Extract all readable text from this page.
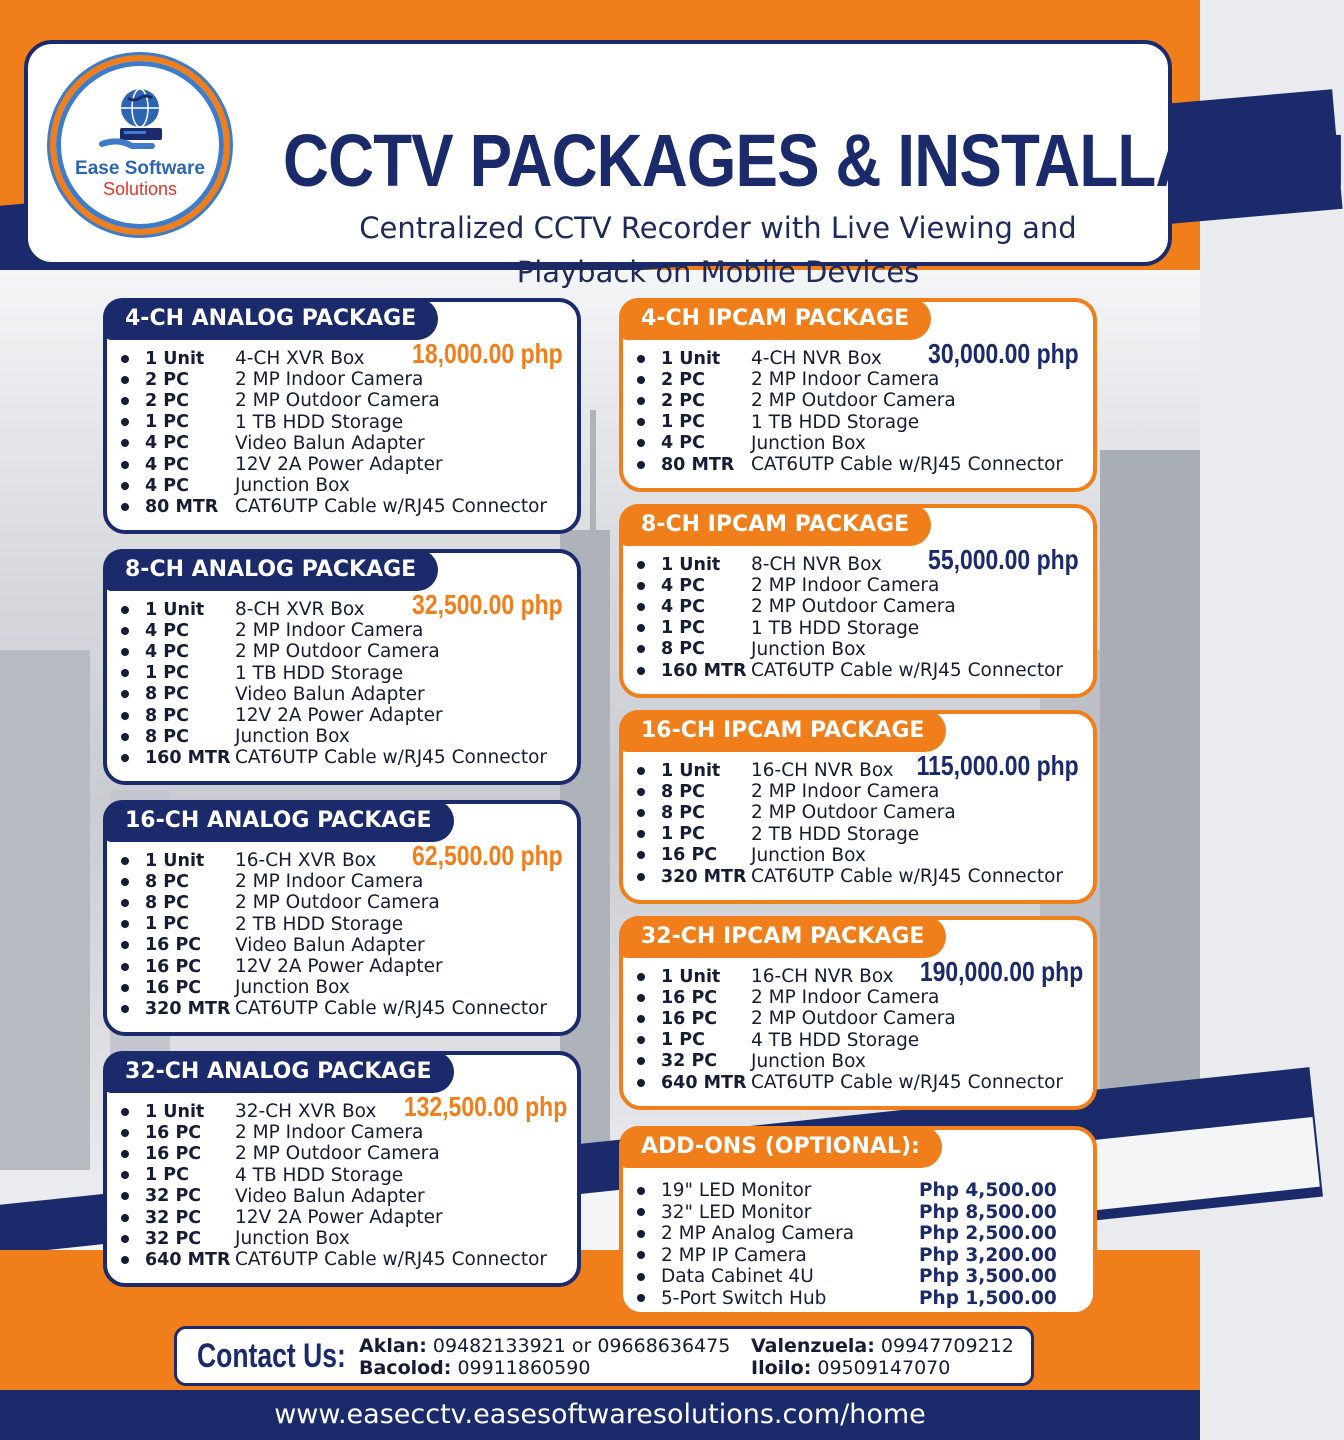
CCTV PACKAGES & INSTALLATION
Centralized CCTV Recorder with Live Viewing and
Playback on Mobile Devices
Ease Software
Solutions
4-CH ANALOG PACKAGE
18,000.00 php
1 Unit	4-CH XVR Box
2 PC	2 MP Indoor Camera
2 PC	2 MP Outdoor Camera
1 PC	1 TB HDD Storage
4 PC	Video Balun Adapter
4 PC	12V 2A Power Adapter
4 PC	Junction Box
80 MTR CAT6UTP Cable w/RJ45 Connector
8-CH ANALOG PACKAGE
32,500.00 php
1 Unit	8-CH XVR Box
4 PC	2 MP Indoor Camera
4 PC	2 MP Outdoor Camera
1 PC	1 TB HDD Storage
8 PC	Video Balun Adapter
8 PC	12V 2A Power Adapter
8 PC	Junction Box
160 MTR CAT6UTP Cable w/RJ45 Connector
16-CH ANALOG PACKAGE
62,500.00 php
1 Unit	16-CH XVR Box
8 PC	2 MP Indoor Camera
8 PC	2 MP Outdoor Camera
1 PC	2 TB HDD Storage
16 PC	Video Balun Adapter
16 PC	12V 2A Power Adapter
16 PC	Junction Box
320 MTR CAT6UTP Cable w/RJ45 Connector
32-CH ANALOG PACKAGE
132,500.00 php
1 Unit	32-CH XVR Box
16 PC	2 MP Indoor Camera
16 PC	2 MP Outdoor Camera
1 PC	4 TB HDD Storage
32 PC	Video Balun Adapter
32 PC	12V 2A Power Adapter
32 PC	Junction Box
640 MTR CAT6UTP Cable w/RJ45 Connector
4-CH IPCAM PACKAGE
30,000.00 php
1 Unit	4-CH NVR Box
2 PC	2 MP Indoor Camera
2 PC	2 MP Outdoor Camera
1 PC	1 TB HDD Storage
4 PC	Junction Box
80 MTR CAT6UTP Cable w/RJ45 Connector
8-CH IPCAM PACKAGE
55,000.00 php
1 Unit	8-CH NVR Box
4 PC	2 MP Indoor Camera
4 PC	2 MP Outdoor Camera
1 PC	1 TB HDD Storage
8 PC	Junction Box
160 MTR CAT6UTP Cable w/RJ45 Connector
16-CH IPCAM PACKAGE
115,000.00 php
1 Unit	16-CH NVR Box
8 PC	2 MP Indoor Camera
8 PC	2 MP Outdoor Camera
1 PC	2 TB HDD Storage
16 PC	Junction Box
320 MTR CAT6UTP Cable w/RJ45 Connector
32-CH IPCAM PACKAGE
190,000.00 php
1 Unit	16-CH NVR Box
16 PC	2 MP Indoor Camera
16 PC	2 MP Outdoor Camera
1 PC	4 TB HDD Storage
32 PC	Junction Box
640 MTR CAT6UTP Cable w/RJ45 Connector
ADD-ONS (OPTIONAL):
19" LED Monitor	Php 4,500.00
32" LED Monitor	Php 8,500.00
2 MP Analog Camera	Php 2,500.00
2 MP IP Camera	Php 3,200.00
Data Cabinet 4U	Php 3,500.00
5-Port Switch Hub	Php 1,500.00
Contact Us: Aklan: 09482133921 or 09668636475
Bacolod: 09911860590
Valenzuela: 09947709212
Iloilo: 09509147070
www.easecctv.easesoftwaresolutions.com/home
